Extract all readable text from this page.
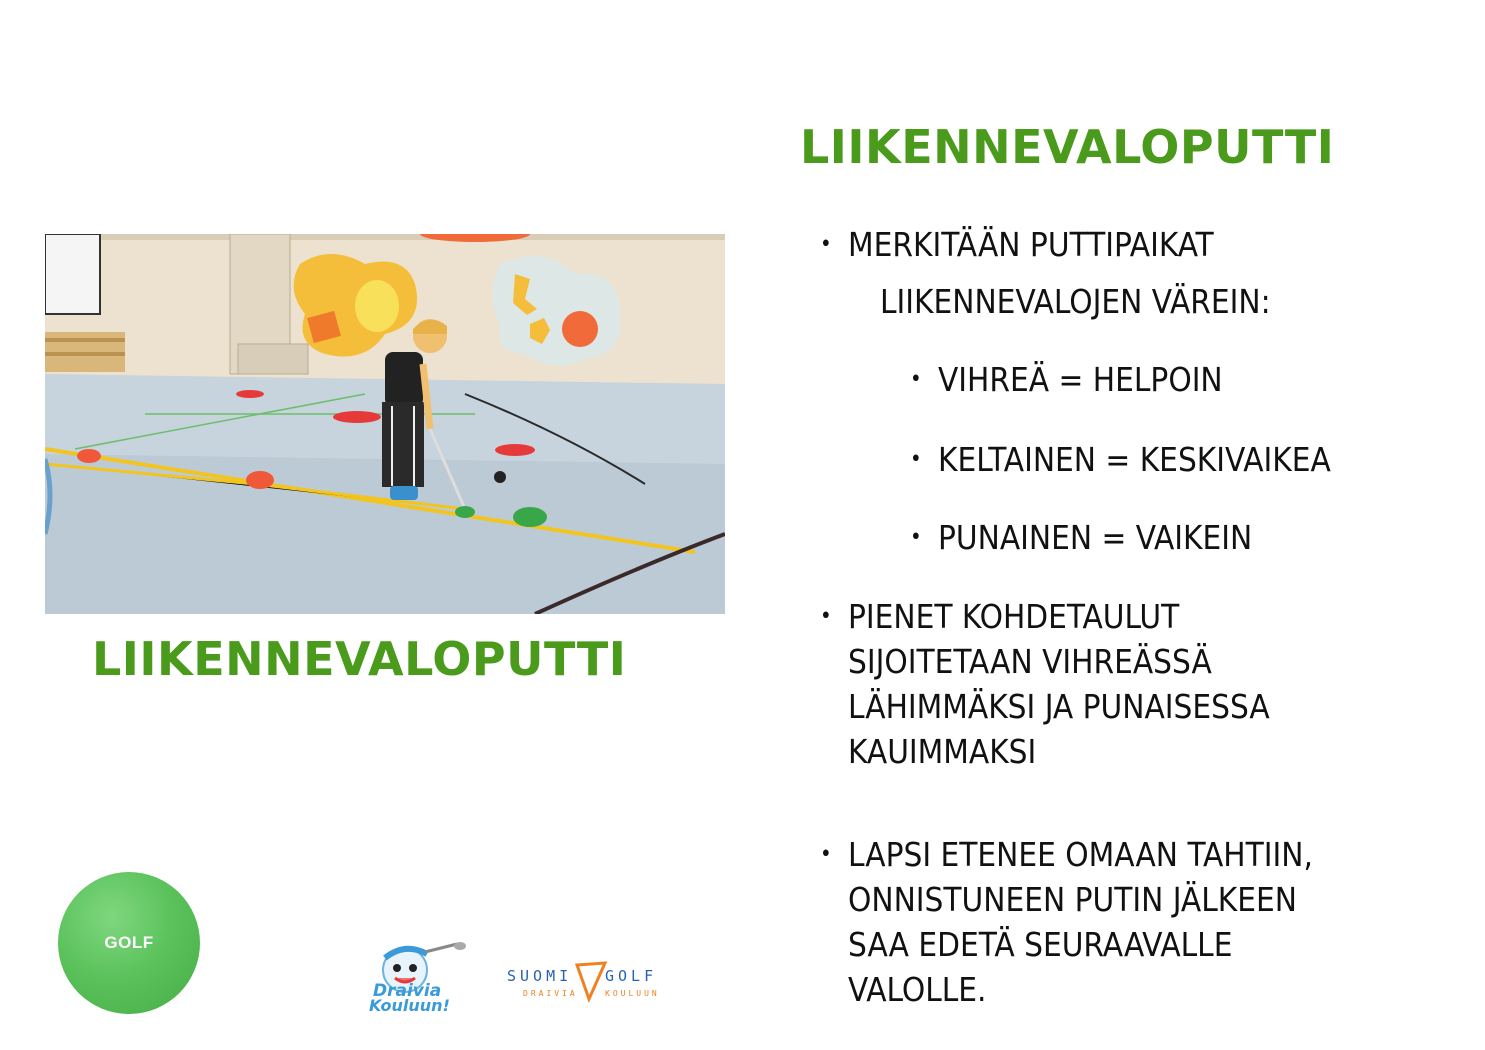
LIIKENNEVALOPUTTI
LIIKENNEVALOPUTTI
• MERKITÄÄN PUTTIPAIKAT
LIIKENNEVALOJEN VÄREIN:
• VIHREÄ = HELPOIN
• KELTAINEN = KESKIVAIKEA
• PUNAINEN = VAIKEIN
• PIENET KOHDETAULUT
SIJOITETAAN VIHREÄSSÄ
LÄHIMMÄKSI JA PUNAISESSA
KAUIMMAKSI
• LAPSI ETENEE OMAAN TAHTIIN,
ONNISTUNEEN PUTIN JÄLKEEN
SAA EDETÄ SEURAAVALLE
VALOLLE.
GOLF
Draivia
Kouluun!
SUOMI GOLF
DRAIVIA	KOULUUN
